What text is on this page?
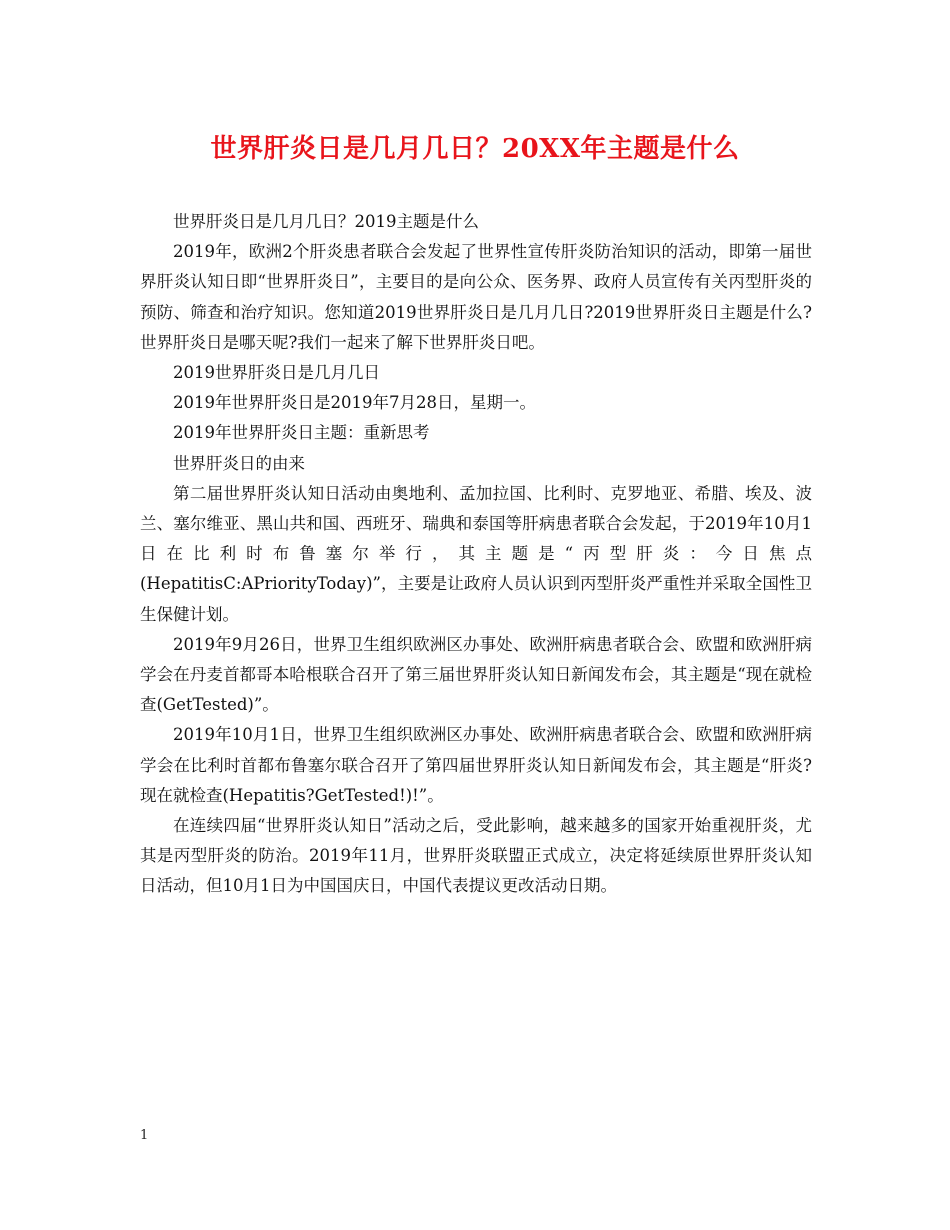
世界肝炎日是几月几日？20XX年主题是什么

世界肝炎日是几月几日？2019主题是什么

2019年，欧洲2个肝炎患者联合会发起了世界性宣传肝炎防治知识的活动，即第一届世界肝炎认知日即“世界肝炎日”，主要目的是向公众、医务界、政府人员宣传有关丙型肝炎的预防、筛查和治疗知识。您知道2019世界肝炎日是几月几日?2019世界肝炎日主题是什么?世界肝炎日是哪天呢?我们一起来了解下世界肝炎日吧。

2019世界肝炎日是几月几日

2019年世界肝炎日是2019年7月28日，星期一。

2019年世界肝炎日主题：重新思考

世界肝炎日的由来

第二届世界肝炎认知日活动由奥地利、孟加拉国、比利时、克罗地亚、希腊、埃及、波兰、塞尔维亚、黑山共和国、西班牙、瑞典和泰国等肝病患者联合会发起，于2019年10月1日在比利时布鲁塞尔举行，其主题是“丙型肝炎：今日焦点(HepatitisC:APriorityToday)”，主要是让政府人员认识到丙型肝炎严重性并采取全国性卫生保健计划。

2019年9月26日，世界卫生组织欧洲区办事处、欧洲肝病患者联合会、欧盟和欧洲肝病学会在丹麦首都哥本哈根联合召开了第三届世界肝炎认知日新闻发布会，其主题是“现在就检查(GetTested)”。

2019年10月1日，世界卫生组织欧洲区办事处、欧洲肝病患者联合会、欧盟和欧洲肝病学会在比利时首都布鲁塞尔联合召开了第四届世界肝炎认知日新闻发布会，其主题是“肝炎?现在就检查(Hepatitis?GetTested!)!”。

在连续四届“世界肝炎认知日”活动之后，受此影响，越来越多的国家开始重视肝炎，尤其是丙型肝炎的防治。2019年11月，世界肝炎联盟正式成立，决定将延续原世界肝炎认知日活动，但10月1日为中国国庆日，中国代表提议更改活动日期。

1
